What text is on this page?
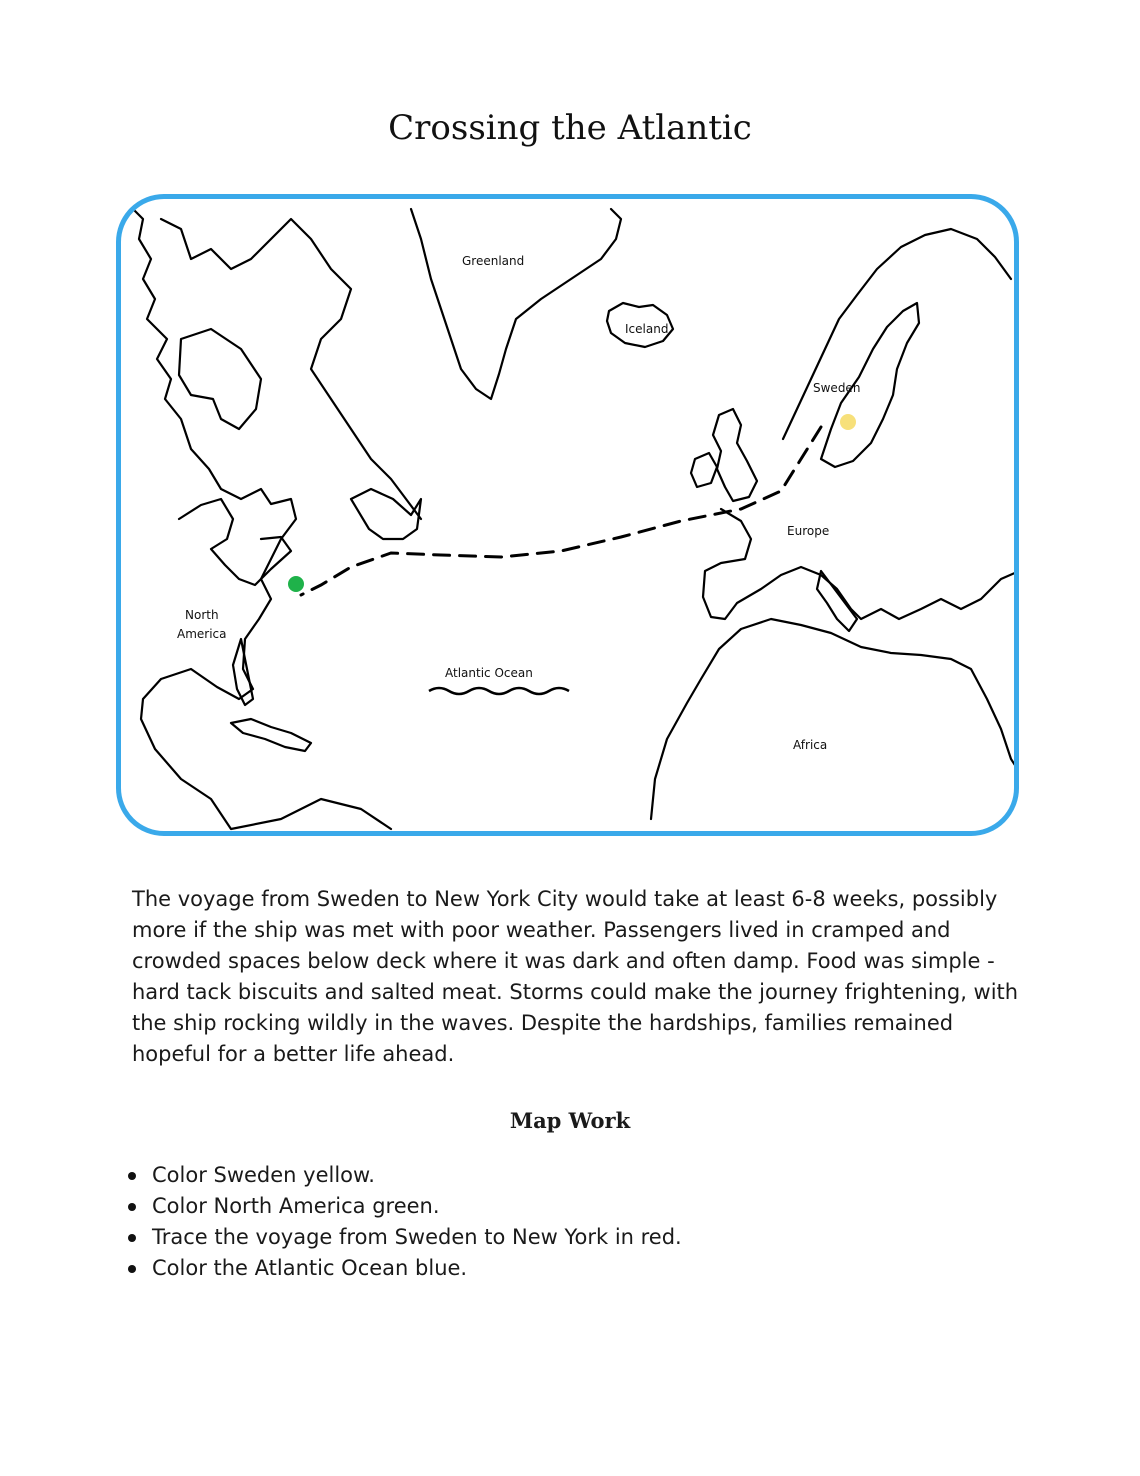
Crossing the Atlantic
Greenland
Iceland
Sweden
Europe
North
America
Atlantic Ocean
Africa

The voyage from Sweden to New York City would take at least 6-8 weeks, possibly more if the ship was met with poor weather. Passengers lived in cramped and crowded spaces below deck where it was dark and often damp. Food was simple - hard tack biscuits and salted meat. Storms could make the journey frightening, with the ship rocking wildly in the waves. Despite the hardships, families remained hopeful for a better life ahead.

Map Work
Color Sweden yellow.
Color North America green.
Trace the voyage from Sweden to New York in red.
Color the Atlantic Ocean blue.
